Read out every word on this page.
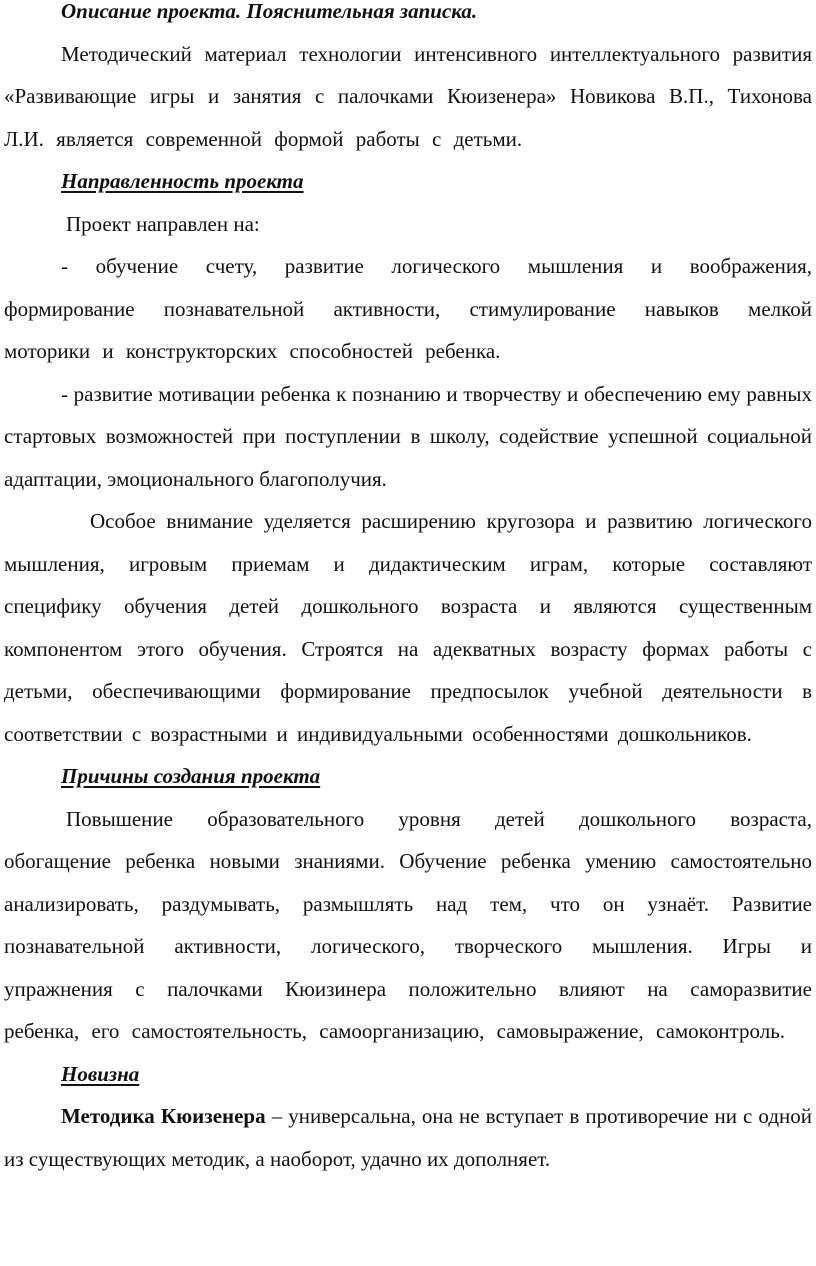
Описание проекта. Пояснительная записка.

Методический материал технологии интенсивного интеллектуального развития «Развивающие игры и занятия с палочками Кюизенера» Новикова В.П., Тихонова Л.И. является современной формой работы с детьми.

Направленность проекта

Проект направлен на:

- обучение счету, развитие логического мышления и воображения, формирование познавательной активности, стимулирование навыков мелкой моторики и конструкторских способностей ребенка.

- развитие мотивации ребенка к познанию и творчеству и обеспечению ему равных стартовых возможностей при поступлении в школу, содействие успешной социальной адаптации, эмоционального благополучия.

Особое внимание уделяется расширению кругозора и развитию логического мышления, игровым приемам и дидактическим играм, которые составляют специфику обучения детей дошкольного возраста и являются существенным компонентом этого обучения. Строятся на адекватных возрасту формах работы с детьми, обеспечивающими формирование предпосылок учебной деятельности в соответствии с возрастными и индивидуальными особенностями дошкольников.

Причины создания проекта

Повышение образовательного уровня детей дошкольного возраста, обогащение ребенка новыми знаниями. Обучение ребенка умению самостоятельно анализировать, раздумывать, размышлять над тем, что он узнаёт. Развитие познавательной активности, логического, творческого мышления. Игры и упражнения с палочками Кюизинера положительно влияют на саморазвитие ребенка, его самостоятельность, самоорганизацию, самовыражение, самоконтроль.

Новизна

Методика Кюизенера – универсальна, она не вступает в противоречие ни с одной из существующих методик, а наоборот, удачно их дополняет.
